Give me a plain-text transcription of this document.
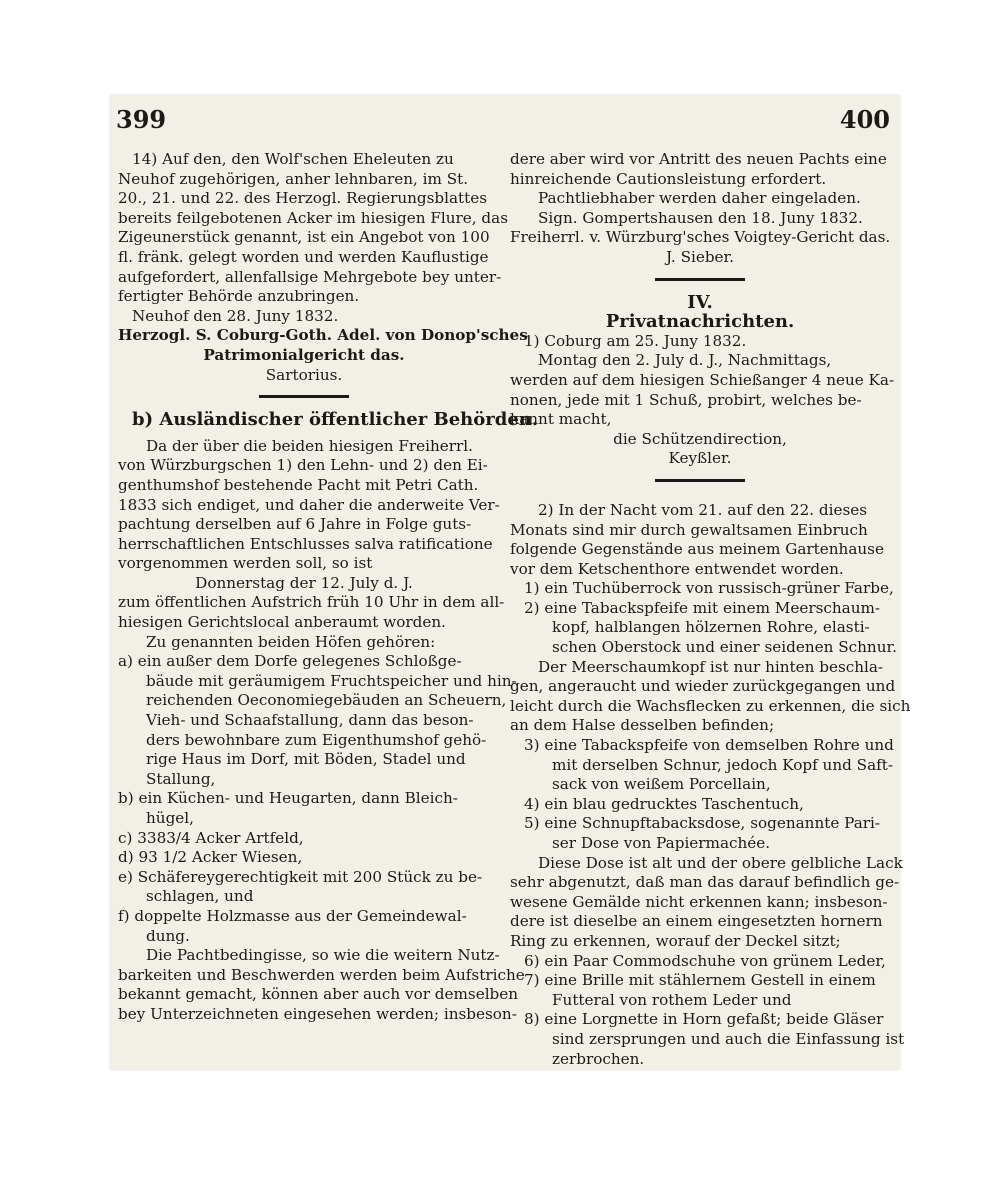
399	400
14) Auf den, den Wolf'schen Eheleuten zu
Neuhof zugehörigen, anher lehnbaren, im St.
20., 21. und 22. des Herzogl. Regierungsblattes
bereits feilgebotenen Acker im hiesigen Flure, das
Zigeunerstück genannt, ist ein Angebot von 100
fl. fränk. gelegt worden und werden Kauflustige
aufgefordert, allenfallsige Mehrgebote bey unter-
fertigter Behörde anzubringen.
Neuhof den 28. Juny 1832.
Herzogl. S. Coburg-Goth. Adel. von Donop'sches
Patrimonialgericht das.
Sartorius.
b) Ausländischer öffentlicher Behörden.
Da der über die beiden hiesigen Freiherrl.
von Würzburgschen 1) den Lehn- und 2) den Ei-
genthumshof bestehende Pacht mit Petri Cath.
1833 sich endiget, und daher die anderweite Ver-
pachtung derselben auf 6 Jahre in Folge guts-
herrschaftlichen Entschlusses salva ratificatione
vorgenommen werden soll, so ist
Donnerstag der 12. July d. J.
zum öffentlichen Aufstrich früh 10 Uhr in dem all-
hiesigen Gerichtslocal anberaumt worden.
Zu genannten beiden Höfen gehören:
a) ein außer dem Dorfe gelegenes Schloßge-
bäude mit geräumigem Fruchtspeicher und hin-
reichenden Oeconomiegebäuden an Scheuern,
Vieh- und Schaafstallung, dann das beson-
ders bewohnbare zum Eigenthumshof gehö-
rige Haus im Dorf, mit Böden, Stadel und
Stallung,
b) ein Küchen- und Heugarten, dann Bleich-
hügel,
c) 3383/4 Acker Artfeld,
d) 93 1/2 Acker Wiesen,
e) Schäfereygerechtigkeit mit 200 Stück zu be-
schlagen, und
f) doppelte Holzmasse aus der Gemeindewal-
dung.
Die Pachtbedingisse, so wie die weitern Nutz-
barkeiten und Beschwerden werden beim Aufstriche
bekannt gemacht, können aber auch vor demselben
bey Unterzeichneten eingesehen werden; insbeson-
dere aber wird vor Antritt des neuen Pachts eine
hinreichende Cautionsleistung erfordert.
Pachtliebhaber werden daher eingeladen.
Sign. Gompertshausen den 18. Juny 1832.
Freiherrl. v. Würzburg'sches Voigtey-Gericht das.
J. Sieber.
IV.
Privatnachrichten.
1) Coburg am 25. Juny 1832.
Montag den 2. July d. J., Nachmittags,
werden auf dem hiesigen Schießanger 4 neue Ka-
nonen, jede mit 1 Schuß, probirt, welches be-
kannt macht,
die Schützendirection,
Keyßler.
2) In der Nacht vom 21. auf den 22. dieses
Monats sind mir durch gewaltsamen Einbruch
folgende Gegenstände aus meinem Gartenhause
vor dem Ketschenthore entwendet worden.
1) ein Tuchüberrock von russisch-grüner Farbe,
2) eine Tabackspfeife mit einem Meerschaum-
kopf, halblangen hölzernen Rohre, elasti-
schen Oberstock und einer seidenen Schnur.
Der Meerschaumkopf ist nur hinten beschla-
gen, angeraucht und wieder zurückgegangen und
leicht durch die Wachsflecken zu erkennen, die sich
an dem Halse desselben befinden;
3) eine Tabackspfeife von demselben Rohre und
mit derselben Schnur, jedoch Kopf und Saft-
sack von weißem Porcellain,
4) ein blau gedrucktes Taschentuch,
5) eine Schnupftabacksdose, sogenannte Pari-
ser Dose von Papiermachée.
Diese Dose ist alt und der obere gelbliche Lack
sehr abgenutzt, daß man das darauf befindlich ge-
wesene Gemälde nicht erkennen kann; insbeson-
dere ist dieselbe an einem eingesetzten hornern
Ring zu erkennen, worauf der Deckel sitzt;
6) ein Paar Commodschuhe von grünem Leder,
7) eine Brille mit stählernem Gestell in einem
Futteral von rothem Leder und
8) eine Lorgnette in Horn gefaßt; beide Gläser
sind zersprungen und auch die Einfassung ist
zerbrochen.
